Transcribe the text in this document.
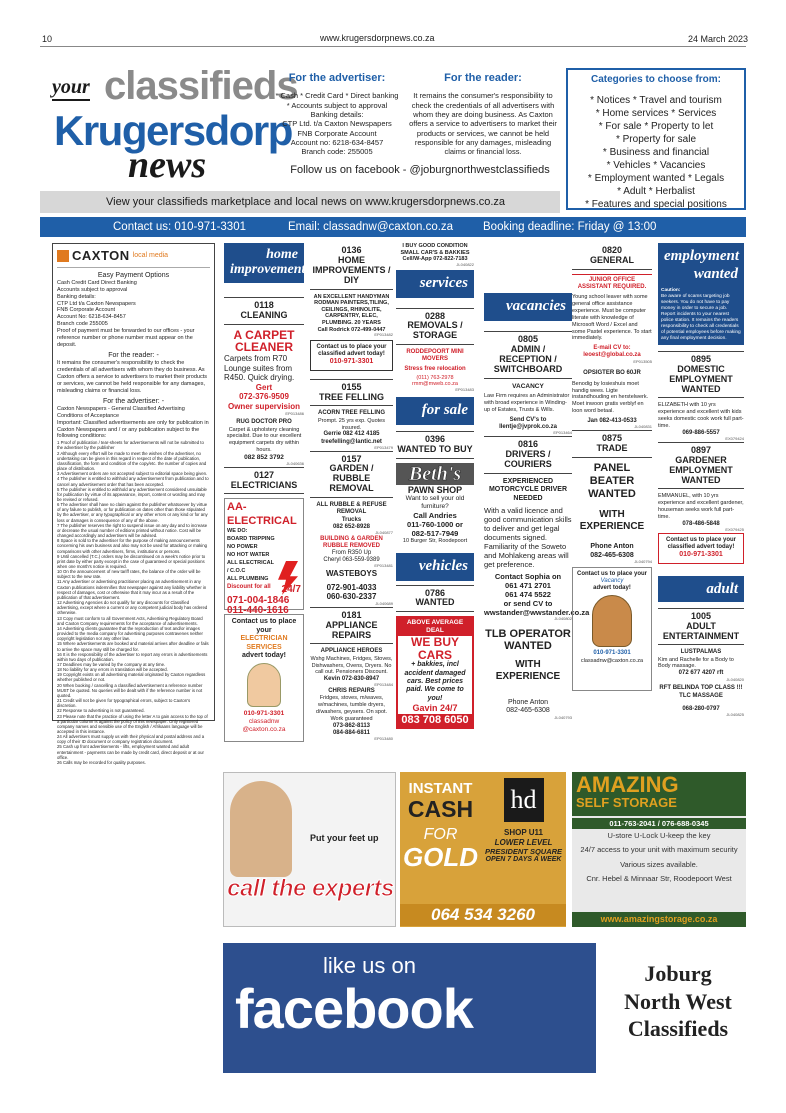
10	www.krugersdorpnews.co.za	24 March 2023
your classifieds
Krugersdorp
news
For the advertiser:
* Cash * Credit Card * Direct banking
* Accounts subject to approval
Banking details:
CTP Ltd. t/a Caxton Newspapers
FNB Corporate Account
Account no: 6218-634-8457
Branch code: 255005
For the reader:
It remains the consumer's responsibility to check the credentials of all advertisers with whom they are doing business. As Caxton offers a service to advertisers to market their products or services, we cannot be held responsible for any damages, misleading claims or financial loss.
Categories to choose from:
* Notices * Travel and tourism
* Home services * Services
* For sale * Property to let
* Property for sale
* Business and financial
* Vehicles * Vacancies
* Employment wanted * Legals
* Adult * Herbalist
* Features and special positions
Follow us on facebook - @joburgnorthwestclassifieds
View your classifieds marketplace and local news on www.krugersdorpnews.co.za
Contact us: 010-971-3301	Email: classadnw@caxton.co.za	Booking deadline: Friday @ 13:00
CAXTON local media
Easy Payment Options
Cash Credit Card Direct Banking
Accounts subject to approval
Banking details:
CTP Ltd t/a Caxton Newspapers
FNB Corporate Account
Account No: 6218-634-8457
Branch code 255005
Proof of payment must be forwarded to our offices - your reference number or phone number must appear on the deposit.
For the reader: -
It remains the consumer's responsibility to check the credentials of all advertisers with whom they do business. As Caxton offers a service to advertisers to market their products or services, we cannot be held responsible for any damages, misleading claims or financial loss.
For the advertiser: -
Caxton Newspapers - General Classified Advertising Conditions of Acceptance
Important: Classified advertisements are only for publication in Caxton Newspapers and / or any publication subject to the following conditions:
1 Proof of publication / tear-sheets for advertisements will not be submitted to the advertiser by the publisher
2 Although every effort will be made to meet the wishes of the advertiser, no undertaking can be given in this regard in respect of the date of publication, classification, the form and condition of the copy/etc. the number of copies and place of distribution.
3 Advertisement orders are not accepted subject to editorial space being given.
4 The publisher is entitled to withhold any advertisement from publication and to cancel any advertisement order that has been accepted.
5 The publisher is entitled to withhold any advertisement considered unsuitable for publication by virtue of its appearance, import, content or wording and may be revised or refused.
6 The advertiser shall have no claim against the publisher whatsoever by virtue of any failure to publish, or for publication on dates other than those stipulated by the advertiser, or any typographical or any other errors or any kind or for any loss or damages in consequence of any of the above.
7 The publisher reserves the right to suspend issue on any day and to increase or decrease the usual number of editions printed without notice. Cost will be changed accordingly and advertisers will be advised.
8 Space is sold to the advertiser for the purpose of making announcements concerning his own business and also may not be used for attacking or making comparisons with other advertisers, firms, institutions or persons.
9 Until cancelled (T.C.) orders may be discontinued on a week's notice prior to print date by either party except in the case of guaranteed or special positions when one month's notice is required.
10 On the announcement of new tariff rates, the balance of the order will be subject to the new rate.
11 Any advertiser or advertising practitioner placing an advertisement in any Caxton publications indemnifies that newspaper against any liability whether in respect of damages, cost or otherwise that it may incur as a result of the publication of that advertisement.
12 Advertising Agencies do not qualify for any discounts for Classified advertising, except where a current or any competent judicial body has ordered otherwise.
13 Copy must conform to all Government Acts, Advertising Regulatory Board and Caxton Company requirements for the acceptance of advertisements.
14 Advertising clients guarantee that the reproduction of text and/or images provided to the media company for advertising purposes contravenes neither copyright legislation nor any other law.
15 Where advertisements are booked and material arrives after deadline or fails to arrive the space may still be charged for.
16 It is the responsibility of the advertiser to report any errors in advertisements within two days of publication.
17 Deadlines may be varied by the company at any time.
18 No liability for any errors in translation will be accepted.
19 Copyright exists on all advertising material originated by Caxton regardless whether published or not.
20 When booking / cancelling a classified advertisement a reference number MUST be quoted. No queries will be dealt with if the reference number is not quoted.
21 Credit will not be given for typographical errors, subject to Caxton's discretion.
22 Response to advertising is not guaranteed.
23 Please note that the practice of using the letter A to gain access to the top of a particular column is against the policy of this newspaper. Only registered company names and sensible use of the English / Afrikaans language will be accepted in this instance.
24 All advertisers must supply us with their physical and postal address and a copy of their ID document or company registration document.
25 Cash up front advertisements - lifts, employment wanted and adult entertainment - payments can be made by credit card, direct deposit or at our office.
26 Calls may be recorded for quality purposes.
home
improvements
0118
CLEANING
A CARPET CLEANER
Carpets from R70 Lounge suites from R450. Quick drying.
Gert
072-376-9509
Owner supervision
EP013486
RUG DOCTOR PRO
Carpet & upholstery cleaning specialist. Due to our excellent equipment carpets dry within hours.
082 852 3792
JL040636
0127
ELECTRICIANS
AA-ELECTRICAL
WE DO:
BOARD TRIPPING
NO POWER
NO HOT WATER
ALL ELECTRICAL / C.O.C
ALL PLUMBING
Discount for all 24/7
071-004-1846
011-440-1616
Contact us to place your
ELECTRICIAN SERVICES
advert today!
010-971-3301
classadnw
@caxton.co.za
0136
HOME IMPROVEMENTS / DIY
AN EXCELLENT HANDYMAN RODMAN PAINTERS,TILING, CEILINGS, RHINOLITE, CARPENTRY, ELEC, PLUMBING. 20 YEARS
Call Rodrick 072-499-0447
EP013482
Contact us to place your classified advert today!
010-971-3301
0155
TREE FELLING
ACORN TREE FELLING
Prompt. 25 yrs exp. Quotes insured.
Gerrie 082 412 4185
treefelling@lantic.net
EP013479
0157
GARDEN / RUBBLE REMOVAL
ALL RUBBLE & REFUSE REMOVAL
Trucks
082 652-8928
JL040877
BUILDING & GARDEN RUBBLE REMOVED
From R350 Up
Cheryl 063-559-9389
EP013481
WASTEBOYS
072-901-4033
060-630-2337
JL040689
0181
APPLIANCE REPAIRS
APPLIANCE HEROES
Wshg Machines, Fridges, Stoves, Dishwashers, Ovens, Dryers. No call out. Pensioners Discount.
Kevin 072-830-8947
EP013484
CHRIS REPAIRS
Fridges, stoves, m/waves, w/machines, tumble dryers, d/washers, geysers. On spot. Work guaranteed
073-862-8113
084-884-6811
EP013480
I BUY GOOD CONDITION SMALL CAR'S & BAKKIES
Cell/W-App 072-822-7183
JL040822
services
0288
REMOVALS / STORAGE
RODDEPOORT MINI MOVERS
Stress free relocation
(011) 763-2978
rmm@mweb.co.za
EP013483
for sale
0396
WANTED TO BUY
Beth's
PAWN SHOP
Want to sell your old furniture?
Call Andries
011-760-1000 or
082-517-7949
10 Burger Str, Roodepoort
vehicles
0786
WANTED
ABOVE AVERAGE DEAL
WE BUY CARS
+ bakkies, incl accident damaged cars. Best prices paid. We come to you!
Gavin 24/7
083 708 6050
vacancies
0805
ADMIN / RECEPTION / SWITCHBOARD
VACANCY
Law Firm requires an Administrator with broad experience in Winding-up of Estates, Trusts & Wills.
Send CV's to llentje@jvprok.co.za
EP013464
0816
DRIVERS / COURIERS
EXPERIENCED MOTORCYCLE DRIVER NEEDED
With a valid licence and good communication skills to deliver and get legal documents signed. Familiarity of the Soweto and Mohlakeng areas will get preference.
Contact Sophia on
061 471 2701
061 474 5522
or send CV to
wwstander@wwstander.co.za
JL040802
TLB OPERATOR WANTED
WITH EXPERIENCE
Phone Anton
082-465-6308
JL040793
0820
GENERAL
JUNIOR OFFICE ASSISTANT REQUIRED.
Young school leaver with some general office assistance experience. Must be computer literate with knowledge of Microsoft Word / Excel and some Pastel experience. To start immediately.
E-mail CV to: leoest@global.co.za
EP013505
OPSIGTER BO 60JR
Benodig by losieshuis moet handig wees. Ligte instandhouding en herstelwerk. Moet inwoon gratis verblyf en loon word betaal.
Jan 082-413-0533
JL040831
0875
TRADE
PANEL BEATER WANTED
WITH
EXPERIENCE
Phone Anton
082-465-6308
JL040794
Contact us to place your
Vacancy
advert today!
010-971-3301
classadnw@caxton.co.za
employment
wanted
Caution:
Be aware of scams targeting job seekers. You do not have to pay money in order to secure a job. Report incidents to your nearest police station. It remains the readers responsibility to check all credentials of potential employees before making any final employment decision.
0895
DOMESTIC EMPLOYMENT WANTED
ELIZABETH with 10 yrs experience and excellent with kids seeks domestic cook work full part-time.
069-886-5557
EX079424
0897
GARDENER EMPLOYMENT WANTED
EMMANUEL, with 10 yrs experience and excellent gardener, houseman seeks work full part-time.
078-486-5848
EX079425
Contact us to place your classified advert today!
010-971-3301
adult
1005
ADULT ENTERTAINMENT
LUSTPALMAS
Kim and Rachelle for a Body to Body massage.
072 677 4207 rft
JL040820
RFT BELINDA TOP CLASS !!! TLC MASSAGE
068-280-0797
JL040825
Put your feet up
call the experts
INSTANT
CASH
FOR
GOLD
hd
SHOP U11
LOWER LEVEL
PRESIDENT SQUARE
OPEN 7 DAYS A WEEK
064 534 3260
AMAZING
SELF STORAGE
011-763-2041 / 076-688-0345
U-store U-Lock U-keep the key
24/7 access to your unit with maximum security
Various sizes available.
Cnr. Hebel & Minnaar Str, Roodepoort West
www.amazingstorage.co.za
like us on
facebook
Joburg
North West
Classifieds
